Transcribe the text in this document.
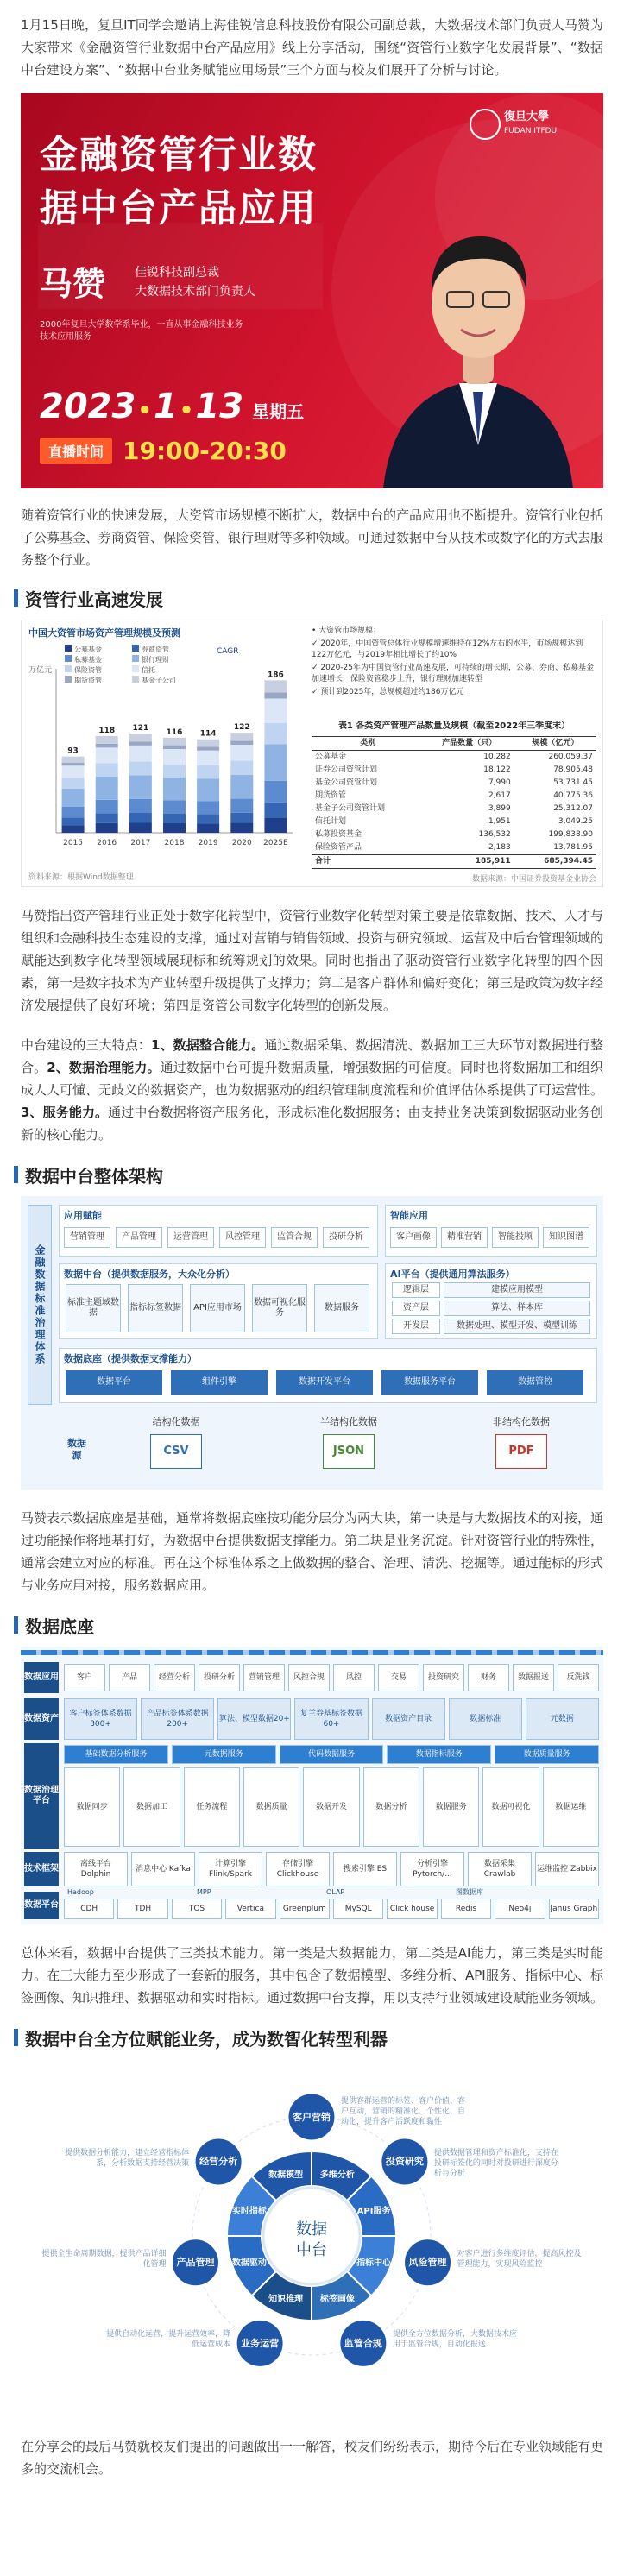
1月15日晚，复旦IT同学会邀请上海佳锐信息科技股份有限公司副总裁，大数据技术部门负责人马赞为大家带来《金融资管行业数据中台产品应用》线上分享活动，围绕“资管行业数字化发展背景”、“数据中台建设方案”、“数据中台业务赋能应用场景”三个方面与校友们展开了分析与讨论。

金融资管行业数
据中台产品应用
马赞	佳锐科技副总裁
大数据技术部门负责人
2000年复旦大学数学系毕业，一直从事金融科技业务
技术应用服务
2023 • 1 • 13 星期五
直播时间 19:00-20:30
復旦大學
FUDAN ITFDU

随着资管行业的快速发展，大资管市场规模不断扩大，数据中台的产品应用也不断提升。资管行业包括了公募基金、券商资管、保险资管、银行理财等多种领域。可通过数据中台从技术或数字化的方式去服务整个行业。

资管行业高速发展
中国大资管市场资产管理规模及预测
万亿元
93
2015
118
2016
121
2017
116
2018
114
2019
122
2020
186
2025E
公募基金	券商资管
私募基金	银行理财
保险资管	信托
期货资管	基金子公司
CAGR
资料来源：根据Wind数据整理
• 大资管市场规模：
✓ 2020年，中国资管总体行业规模增速维持在12%左右的水平，市场规模达到122万亿元，与2019年相比增长了约10%
✓ 2020-25年为中国资管行业高速发展，可持续的增长期，公募、券商、私募基金加速增长，保险资管稳步上升，银行理财加速转型
✓ 预计到2025年，总规模超过约186万亿元
表1 各类资产管理产品数量及规模（截至2022年三季度末）
类别	产品数量（只）	规模（亿元）
公募基金	10,282	260,059.37
证券公司资管计划	18,122	78,905.48
基金公司资管计划	7,990	53,731.45
期货资管	2,617	40,775.36
基金子公司资管计划	3,899	25,312.07
信托计划	1,951	3,049.25
私募投资基金	136,532	199,838.90
保险资管产品	2,183	13,781.95
合计	185,911	685,394.45
数据来源：中国证券投资基金业协会

马赞指出资产管理行业正处于数字化转型中，资管行业数字化转型对策主要是依靠数据、技术、人才与组织和金融科技生态建设的支撑，通过对营销与销售领域、投资与研究领域、运营及中后台管理领域的赋能达到数字化转型领域展现标和统筹规划的效果。同时也指出了驱动资管行业数字化转型的四个因素，第一是数字技术为产业转型升级提供了支撑力；第二是客户群体和偏好变化；第三是政策为数字经济发展提供了良好环境；第四是资管公司数字化转型的创新发展。

中台建设的三大特点：1、数据整合能力。通过数据采集、数据清洗、数据加工三大环节对数据进行整合。2、数据治理能力。通过数据中台可提升数据质量，增强数据的可信度。同时也将数据加工和组织成人人可懂、无歧义的数据资产，也为数据驱动的组织管理制度流程和价值评估体系提供了可运营性。3、服务能力。通过中台数据将资产服务化，形成标准化数据服务；由支持业务决策到数据驱动业务创新的核心能力。

数据中台整体架构
金融数据标准治理体系
应用赋能
营销管理	产品管理	运营管理	风控管理	监管合规	投研分析
智能应用
客户画像	精准营销	智能投顾	知识图谱
数据中台（提供数据服务，大众化分析）
标准主题域数据
指标标签数据	API应用市场
数据可视化服务
数据服务
AI平台（提供通用算法服务）
逻辑层	建模应用模型
资产层	算法、样本库
开发层	数据处理、模型开发、模型训练
数据底座（提供数据支撑能力）
数据平台	组件引擎	数据开发平台	数据服务平台	数据管控
数据源
结构化数据
CSV
半结构化数据
JSON
非结构化数据
PDF

马赞表示数据底座是基础，通常将数据底座按功能分层分为两大块，第一块是与大数据技术的对接，通过功能操作将地基打好，为数据中台提供数据支撑能力。第二块是业务沉淀。针对资管行业的特殊性，通常会建立对应的标准。再在这个标准体系之上做数据的整合、治理、清洗、挖掘等。通过能标的形式与业务应用对接，服务数据应用。

数据底座
数据应用
数据资产
数据治理平台
技术框架
数据平台
客户	产品	经营分析	投研分析	营销管理	风控合规	风控	交易	投资研究	财务	数据报送	反洗钱
客户标签体系数据300+
产品标签体系数据200+
算法、模型数据20+
复兰券基标签数据60+
数据资产目录	数据标准	元数据
基础数据分析服务	元数据服务	代码数据服务	数据指标服务	数据质量服务
数据同步	数据加工	任务流程	数据质量	数据开发	数据分析	数据服务	数据可视化	数据运维
离线平台 Dolphin
消息中心 Kafka
计算引擎 Flink/Spark
存储引擎 Clickhouse
搜索引擎 ES
分析引擎 Pytorch/...
数据采集 Crawlab
运维监控 Zabbix
CDH	TDH	TOS	Vertica	Greenplum	MySQL	Click house	Redis	Neo4j	Janus Graph
Hadoop	MPP	OLAP	图数据库

总体来看，数据中台提供了三类技术能力。第一类是大数据能力，第二类是AI能力，第三类是实时能力。在三大能力至少形成了一套新的服务，其中包含了数据模型、多维分析、API服务、指标中心、标签画像、知识推理、数据驱动和实时指标。通过数据中台支撑，用以支持行业领域建设赋能业务领域。

数据中台全方位赋能业务，成为数智化转型利器
多维分析
API服务
指标中心
标签画像
知识推理
数据驱动
实时指标
数据模型
数据
中台
客户营销
提供客群运营的标签、客户价值、客户互动，营销的精准化、个性化、自动化，提升客户活跃度和黏性
投资研究
提供数据管理和资产标准化，支持在投研标签化的同时对投研进行深度分析与分析
风险管理
对客户进行多维度评估，提高风控及管理能力，实现风险监控
监管合规
提供全方位数据分析，大数据技术应用于监管合规，自动化报送
业务运营
提供自动化运营，提升运营效率，降低运营成本
产品管理
提供全生命周期数据，提供产品详细化管理
经营分析
提供数据分析能力，建立经营指标体系，分析数据支持经营决策

在分享会的最后马赞就校友们提出的问题做出一一解答，校友们纷纷表示，期待今后在专业领域能有更多的交流机会。
